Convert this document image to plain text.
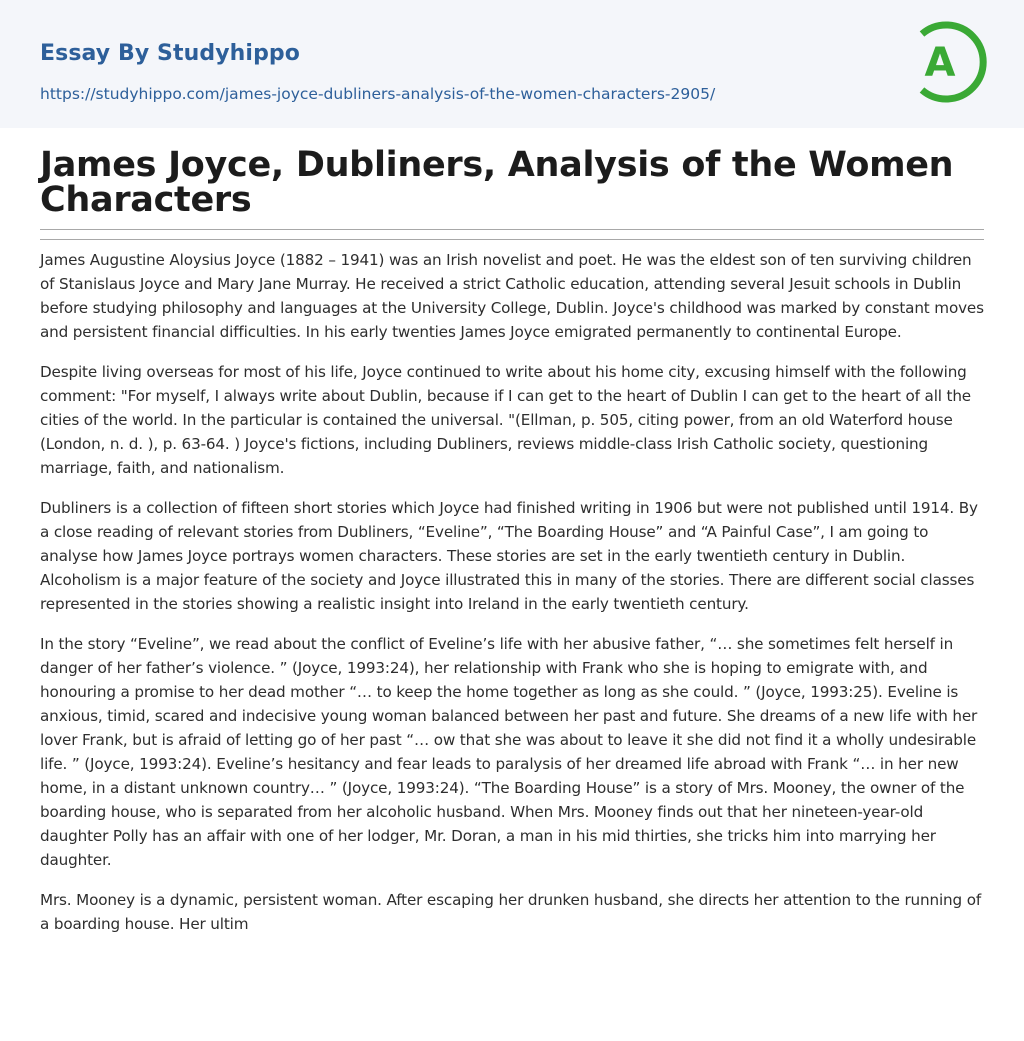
Essay By Studyhippo
https://studyhippo.com/james-joyce-dubliners-analysis-of-the-women-characters-2905/
A
James Joyce, Dubliners, Analysis of the Women Characters

James Augustine Aloysius Joyce (1882 – 1941) was an Irish novelist and poet. He was the eldest son of ten surviving children of Stanislaus Joyce and Mary Jane Murray. He received a strict Catholic education, attending several Jesuit schools in Dublin before studying philosophy and languages at the University College, Dublin. Joyce's childhood was marked by constant moves and persistent financial difficulties. In his early twenties James Joyce emigrated permanently to continental Europe.

Despite living overseas for most of his life, Joyce continued to write about his home city, excusing himself with the following comment: "For myself, I always write about Dublin, because if I can get to the heart of Dublin I can get to the heart of all the cities of the world. In the particular is contained the universal. "(Ellman, p. 505, citing power, from an old Waterford house (London, n. d. ), p. 63-64. ) Joyce's fictions, including Dubliners, reviews middle-class Irish Catholic society, questioning marriage, faith, and nationalism.

Dubliners is a collection of fifteen short stories which Joyce had finished writing in 1906 but were not published until 1914. By a close reading of relevant stories from Dubliners, “Eveline”, “The Boarding House” and “A Painful Case”, I am going to analyse how James Joyce portrays women characters. These stories are set in the early twentieth century in Dublin. Alcoholism is a major feature of the society and Joyce illustrated this in many of the stories. There are different social classes represented in the stories showing a realistic insight into Ireland in the early twentieth century.

In the story “Eveline”, we read about the conflict of Eveline’s life with her abusive father, “… she sometimes felt herself in danger of her father’s violence. ” (Joyce, 1993:24), her relationship with Frank who she is hoping to emigrate with, and honouring a promise to her dead mother “… to keep the home together as long as she could. ” (Joyce, 1993:25). Eveline is anxious, timid, scared and indecisive young woman balanced between her past and future. She dreams of a new life with her lover Frank, but is afraid of letting go of her past “… ow that she was about to leave it she did not find it a wholly undesirable life. ” (Joyce, 1993:24). Eveline’s hesitancy and fear leads to paralysis of her dreamed life abroad with Frank “… in her new home, in a distant unknown country… ” (Joyce, 1993:24). “The Boarding House” is a story of Mrs. Mooney, the owner of the boarding house, who is separated from her alcoholic husband. When Mrs. Mooney finds out that her nineteen-year-old daughter Polly has an affair with one of her lodger, Mr. Doran, a man in his mid thirties, she tricks him into marrying her daughter.

Mrs. Mooney is a dynamic, persistent woman. After escaping her drunken husband, she directs her attention to the running of a boarding house. Her ultim
